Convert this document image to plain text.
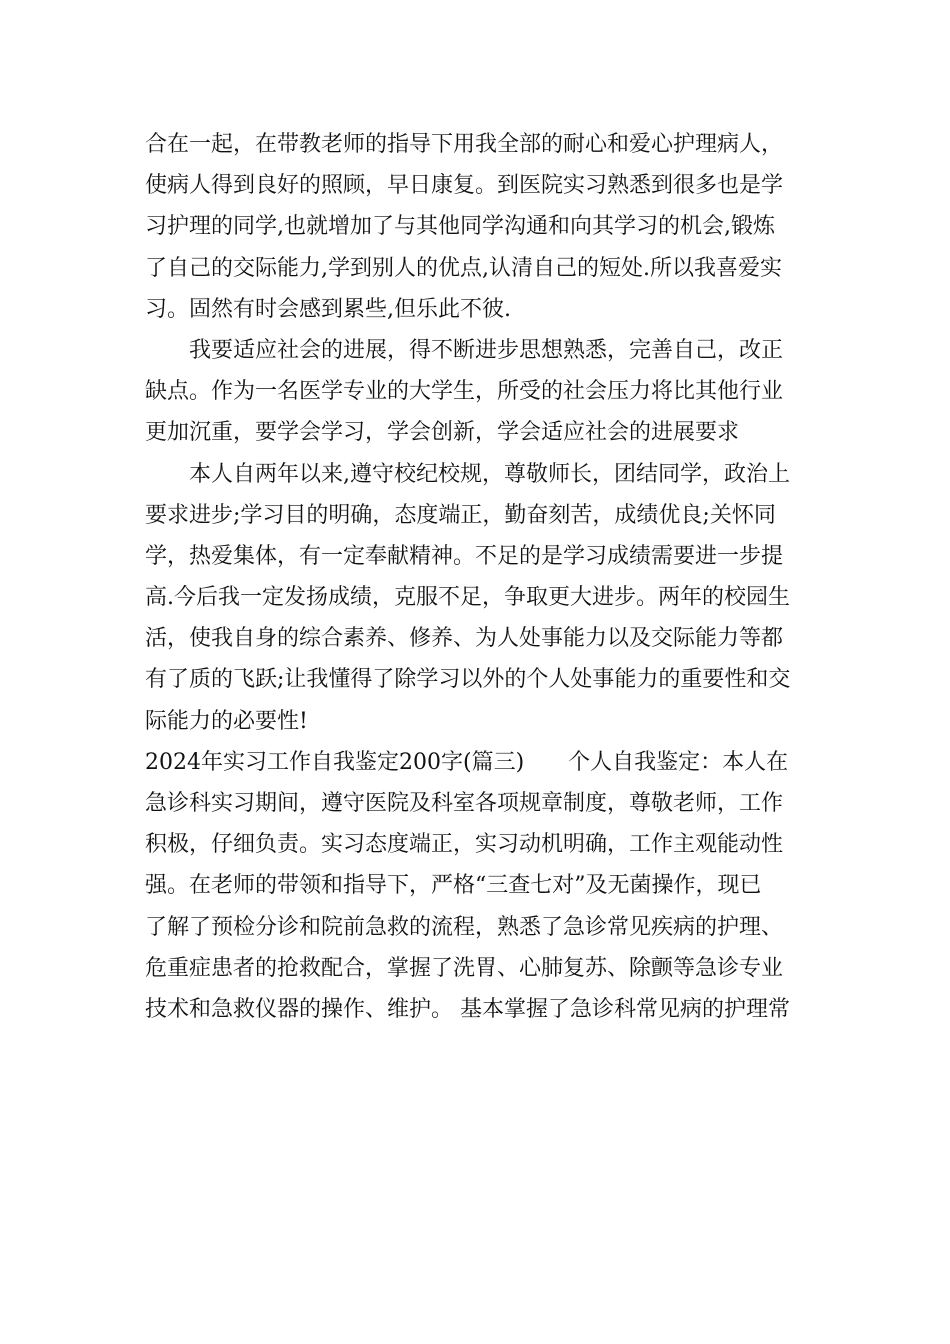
合在一起，在带教老师的指导下用我全部的耐心和爱心护理病人，
使病人得到良好的照顾，早日康复。到医院实习熟悉到很多也是学
习护理的同学,也就增加了与其他同学沟通和向其学习的机会,锻炼
了自己的交际能力,学到别人的优点,认清自己的短处.所以我喜爱实
习。固然有时会感到累些,但乐此不彼.
我要适应社会的进展，得不断进步思想熟悉，完善自己，改正
缺点。作为一名医学专业的大学生，所受的社会压力将比其他行业
更加沉重，要学会学习，学会创新，学会适应社会的进展要求
本人自两年以来,遵守校纪校规，尊敬师长，团结同学，政治上
要求进步;学习目的明确，态度端正，勤奋刻苦，成绩优良;关怀同
学，热爱集体，有一定奉献精神。不足的是学习成绩需要进一步提
高.今后我一定发扬成绩，克服不足，争取更大进步。两年的校园生
活，使我自身的综合素养、修养、为人处事能力以及交际能力等都
有了质的飞跃;让我懂得了除学习以外的个人处事能力的重要性和交
际能力的必要性!
2024年实习工作自我鉴定200字(篇三)　　个人自我鉴定：本人在
急诊科实习期间，遵守医院及科室各项规章制度，尊敬老师，工作
积极，仔细负责。实习态度端正，实习动机明确，工作主观能动性
强。在老师的带领和指导下，严格“三查七对”及无菌操作，现已
了解了预检分诊和院前急救的流程，熟悉了急诊常见疾病的护理、
危重症患者的抢救配合，掌握了洗胃、心肺复苏、除颤等急诊专业
技术和急救仪器的操作、维护。 基本掌握了急诊科常见病的护理常
